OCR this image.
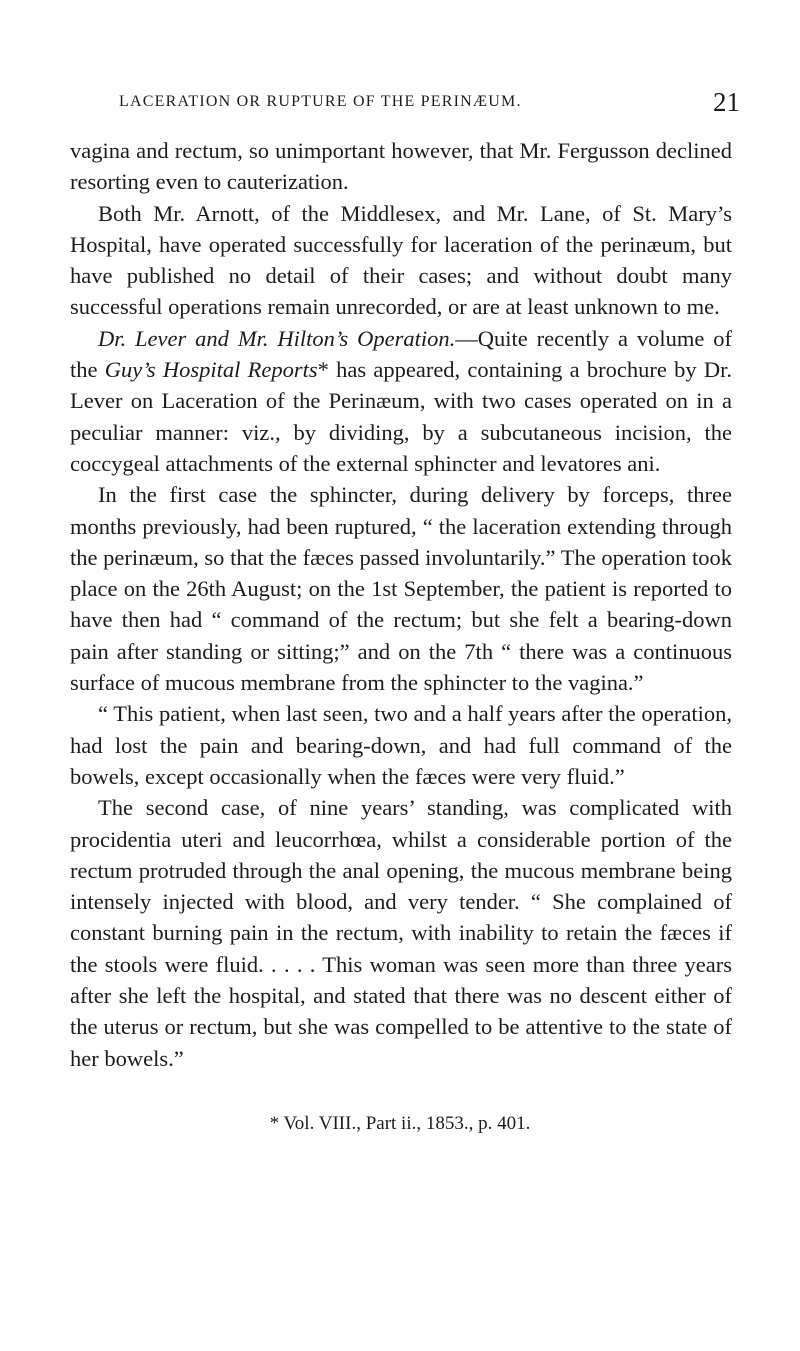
LACERATION OR RUPTURE OF THE PERINÆUM.	21

vagina and rectum, so unimportant however, that Mr. Fergusson declined resorting even to cauterization.

Both Mr. Arnott, of the Middlesex, and Mr. Lane, of St. Mary’s Hospital, have operated successfully for laceration of the perinæum, but have published no detail of their cases; and without doubt many successful operations remain unrecorded, or are at least unknown to me.

Dr. Lever and Mr. Hilton’s Operation.—Quite recently a volume of the Guy’s Hospital Reports* has appeared, containing a brochure by Dr. Lever on Laceration of the Perinæum, with two cases operated on in a peculiar manner: viz., by dividing, by a subcutaneous incision, the coccygeal attachments of the external sphincter and levatores ani.

In the first case the sphincter, during delivery by forceps, three months previously, had been ruptured, “ the laceration extending through the perinæum, so that the fæces passed involuntarily.” The operation took place on the 26th August; on the 1st September, the patient is reported to have then had “ command of the rectum; but she felt a bearing-down pain after standing or sitting;” and on the 7th “ there was a continuous surface of mucous membrane from the sphincter to the vagina.”

“ This patient, when last seen, two and a half years after the operation, had lost the pain and bearing-down, and had full command of the bowels, except occasionally when the fæces were very fluid.”

The second case, of nine years’ standing, was complicated with procidentia uteri and leucorrhœa, whilst a considerable portion of the rectum protruded through the anal opening, the mucous membrane being intensely injected with blood, and very tender. “ She complained of constant burning pain in the rectum, with inability to retain the fæces if the stools were fluid. . . . . This woman was seen more than three years after she left the hospital, and stated that there was no descent either of the uterus or rectum, but she was compelled to be attentive to the state of her bowels.”

* Vol. VIII., Part ii., 1853., p. 401.
